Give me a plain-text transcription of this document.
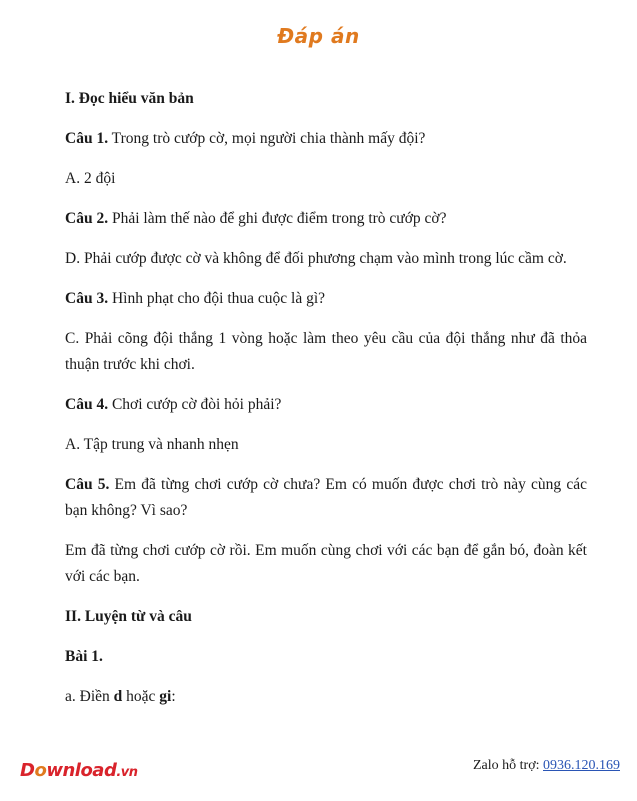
Đáp án

I. Đọc hiểu văn bản

Câu 1. Trong trò cướp cờ, mọi người chia thành mấy đội?

A. 2 đội

Câu 2. Phải làm thế nào để ghi được điểm trong trò cướp cờ?

D. Phải cướp được cờ và không để đối phương chạm vào mình trong lúc cầm cờ.

Câu 3. Hình phạt cho đội thua cuộc là gì?

C. Phải cõng đội thắng 1 vòng hoặc làm theo yêu cầu của đội thắng như đã thỏa thuận trước khi chơi.

Câu 4. Chơi cướp cờ đòi hỏi phải?

A. Tập trung và nhanh nhẹn

Câu 5. Em đã từng chơi cướp cờ chưa? Em có muốn được chơi trò này cùng các bạn không? Vì sao?

Em đã từng chơi cướp cờ rồi. Em muốn cùng chơi với các bạn để gắn bó, đoàn kết với các bạn.

II. Luyện từ và câu

Bài 1.

a. Điền d hoặc gi:

Download.vn	Zalo hỗ trợ: 0936.120.169
